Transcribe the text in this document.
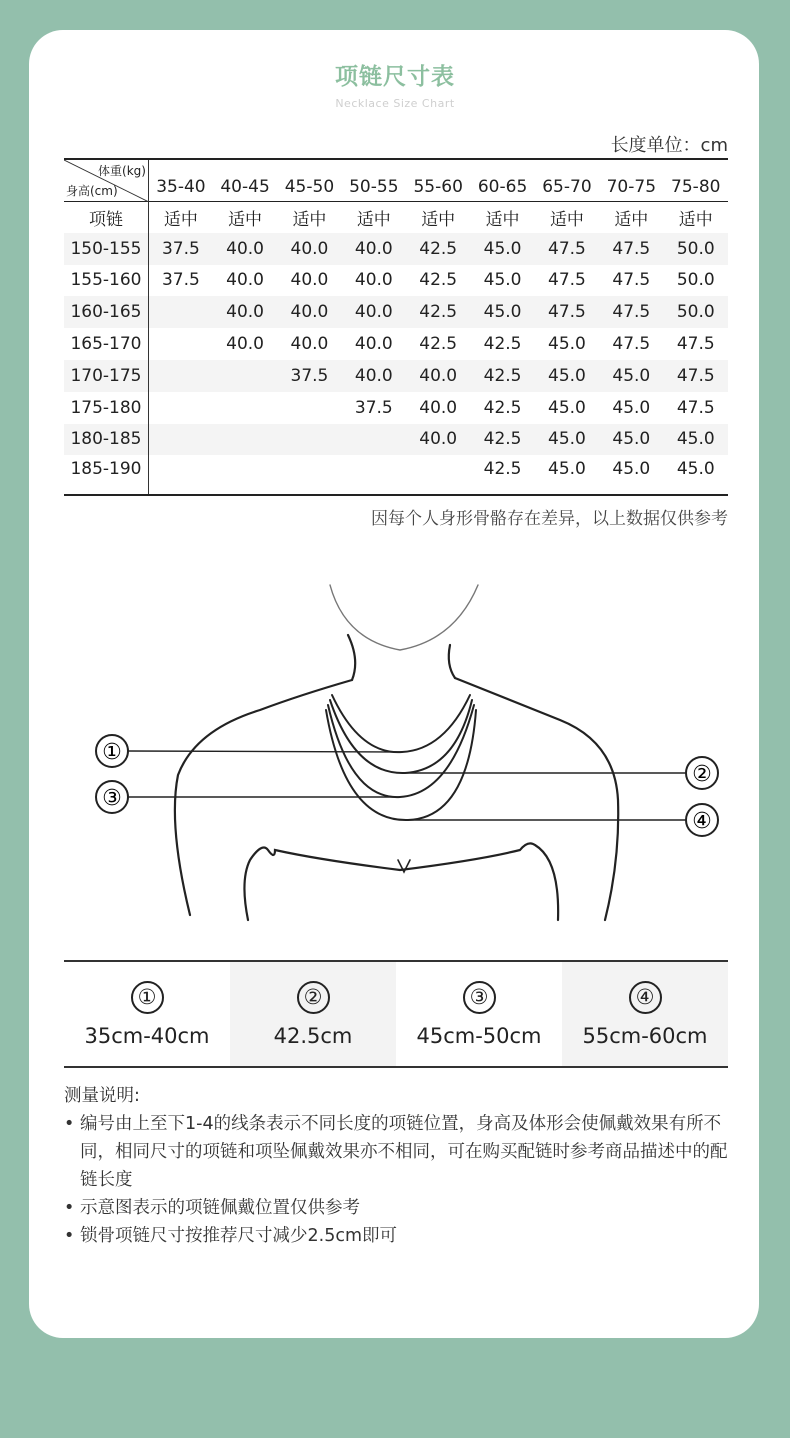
项链尺寸表
Necklace Size Chart
长度单位：cm
体重(kg)
身高(cm)	35-40	40-45	45-50	50-55	55-60	60-65	65-70	70-75	75-80
项链	适中	适中	适中	适中	适中	适中	适中	适中	适中
150-155	37.5	40.0	40.0	40.0	42.5	45.0	47.5	47.5	50.0
155-160	37.5	40.0	40.0	40.0	42.5	45.0	47.5	47.5	50.0
160-165		40.0	40.0	40.0	42.5	45.0	47.5	47.5	50.0
165-170		40.0	40.0	40.0	42.5	42.5	45.0	47.5	47.5
170-175			37.5	40.0	40.0	42.5	45.0	45.0	47.5
175-180				37.5	40.0	42.5	45.0	45.0	47.5
180-185					40.0	42.5	45.0	45.0	45.0
185-190						42.5	45.0	45.0	45.0
因每个人身形骨骼存在差异，以上数据仅供参考
①
②
③
④
①
35cm-40cm
②
42.5cm
③
45cm-50cm
④
55cm-60cm
测量说明:
• 编号由上至下1-4的线条表示不同长度的项链位置，身高及体形会使佩戴效果有所不同，相同尺寸的项链和项坠佩戴效果亦不相同，可在购买配链时参考商品描述中的配链长度
• 示意图表示的项链佩戴位置仅供参考
• 锁骨项链尺寸按推荐尺寸减少2.5cm即可
